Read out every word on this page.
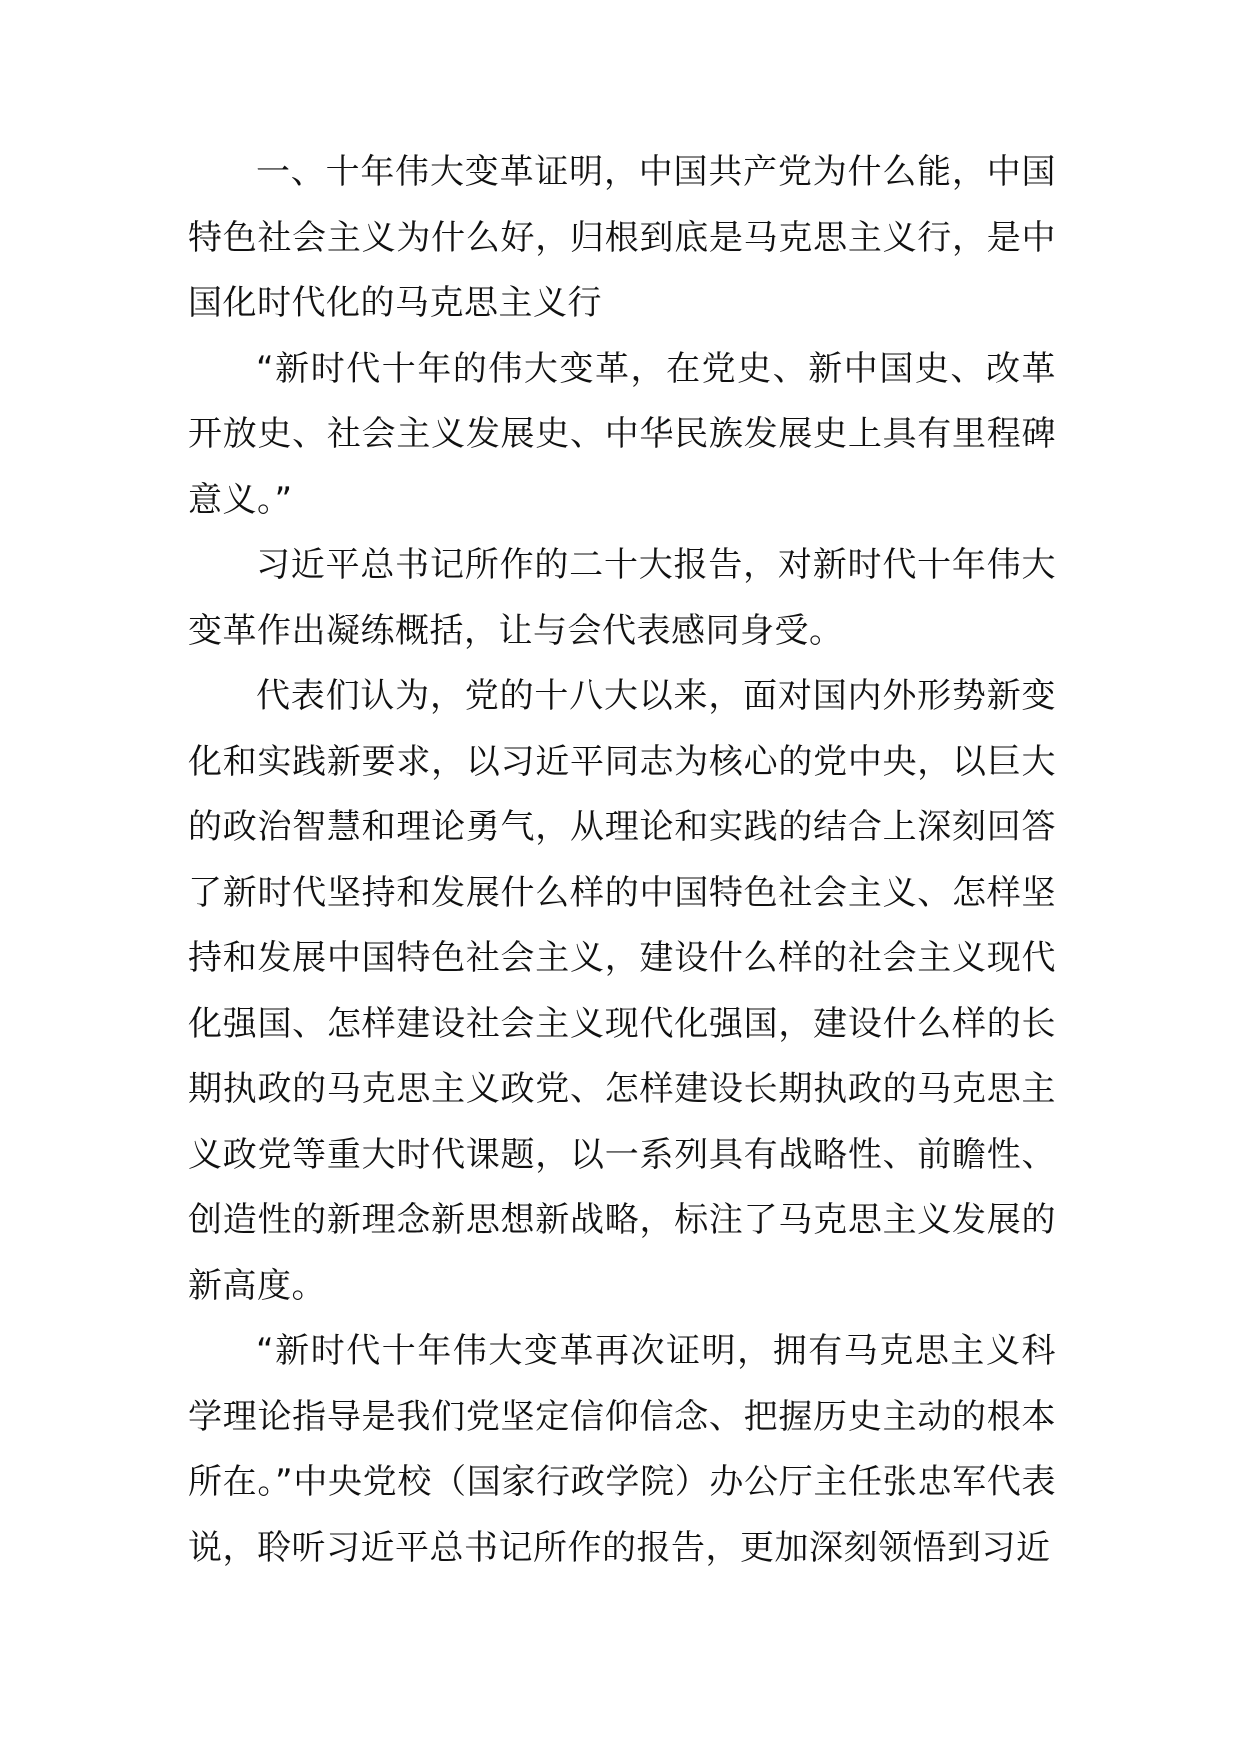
一、十年伟大变革证明，中国共产党为什么能，中国特色社会主义为什么好，归根到底是马克思主义行，是中国化时代化的马克思主义行

“新时代十年的伟大变革，在党史、新中国史、改革开放史、社会主义发展史、中华民族发展史上具有里程碑意义。”

习近平总书记所作的二十大报告，对新时代十年伟大变革作出凝练概括，让与会代表感同身受。

代表们认为，党的十八大以来，面对国内外形势新变化和实践新要求，以习近平同志为核心的党中央，以巨大的政治智慧和理论勇气，从理论和实践的结合上深刻回答了新时代坚持和发展什么样的中国特色社会主义、怎样坚持和发展中国特色社会主义，建设什么样的社会主义现代化强国、怎样建设社会主义现代化强国，建设什么样的长期执政的马克思主义政党、怎样建设长期执政的马克思主义政党等重大时代课题，以一系列具有战略性、前瞻性、创造性的新理念新思想新战略，标注了马克思主义发展的新高度。

“新时代十年伟大变革再次证明，拥有马克思主义科学理论指导是我们党坚定信仰信念、把握历史主动的根本所在。”中央党校（国家行政学院）办公厅主任张忠军代表说，聆听习近平总书记所作的报告，更加深刻领悟到习近
